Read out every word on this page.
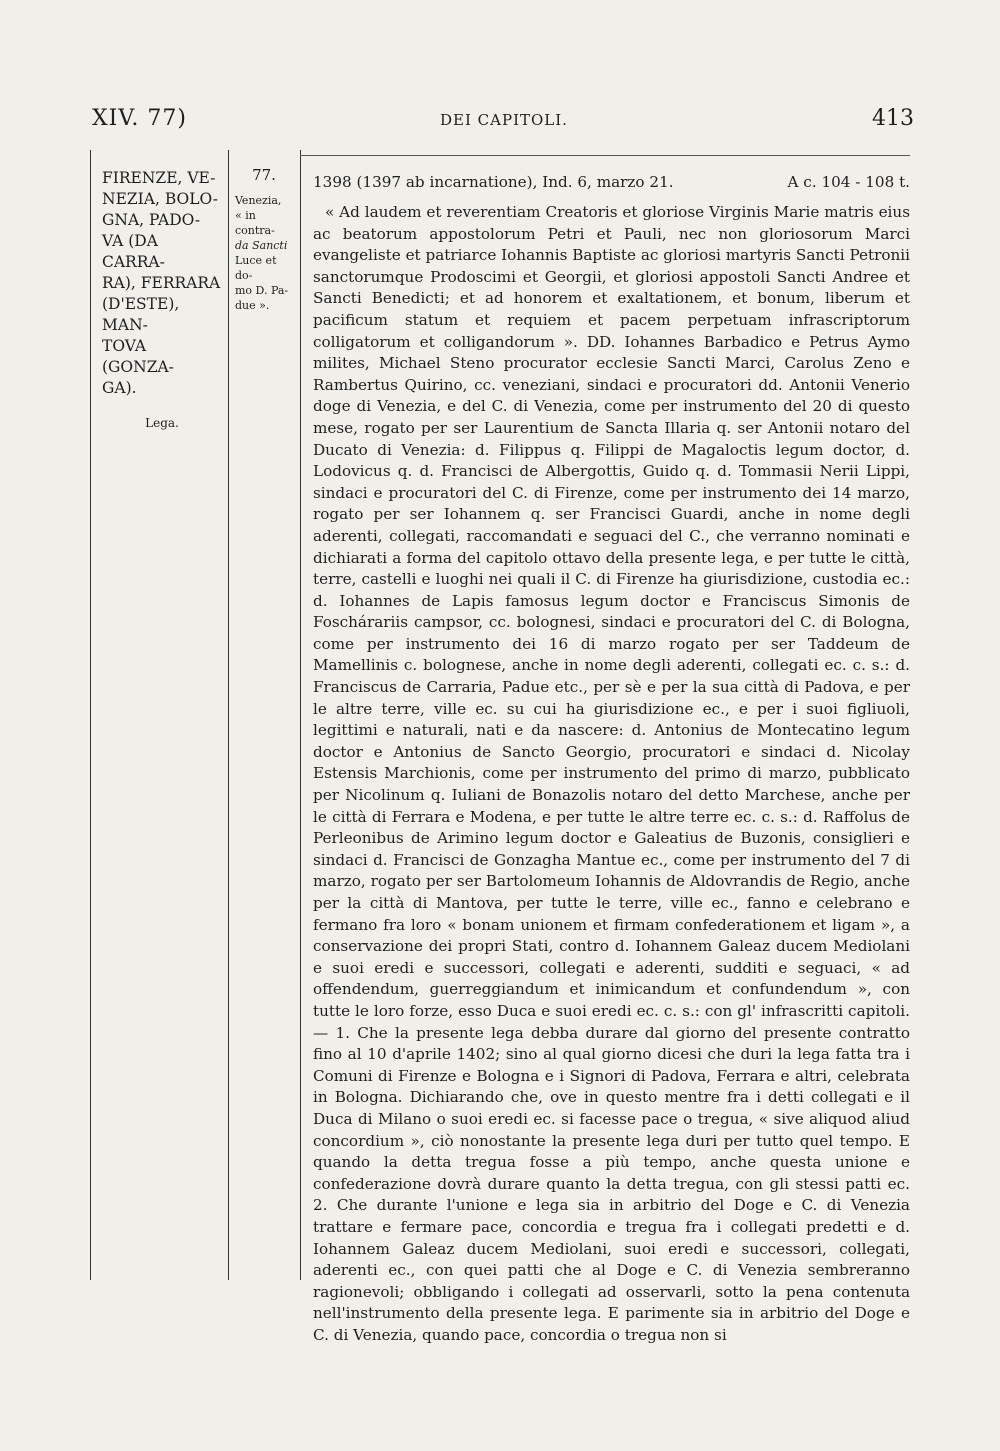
XIV. 77)	DEI CAPITOLI.	413
FIRENZE, VE-
NEZIA, BOLO-
GNA, PADO-
VA (DA CARRA-
RA), FERRARA
(D'ESTE), MAN-
TOVA (GONZA-
GA).
Lega.
77.
Venezia,
« in contra-
da Sancti
Luce et do-
mo D. Pa-
due ».
1398 (1397 ab incarnatione), Ind. 6, marzo 21.	A c. 104 - 108 t.
« Ad laudem et reverentiam Creatoris et gloriose Virginis Marie matris eius ac beatorum appostolorum Petri et Pauli, nec non gloriosorum Marci evangeliste et patriarce Iohannis Baptiste ac gloriosi martyris Sancti Petronii sanctorumque Prodoscimi et Georgii, et gloriosi appostoli Sancti Andree et Sancti Benedicti; et ad honorem et exaltationem, et bonum, liberum et pacificum statum et requiem et pacem perpetuam infrascriptorum colligatorum et colligandorum ». DD. Iohannes Barbadico e Petrus Aymo milites, Michael Steno procurator ecclesie Sancti Marci, Carolus Zeno e Rambertus Quirino, cc. veneziani, sindaci e procuratori dd. Antonii Venerio doge di Venezia, e del C. di Venezia, come per instrumento del 20 di questo mese, rogato per ser Laurentium de Sancta Illaria q. ser Antonii notaro del Ducato di Venezia: d. Filippus q. Filippi de Magaloctis legum doctor, d. Lodovicus q. d. Francisci de Albergottis, Guido q. d. Tommasii Nerii Lippi, sindaci e procuratori del C. di Firenze, come per instrumento dei 14 marzo, rogato per ser Iohannem q. ser Francisci Guardi, anche in nome degli aderenti, collegati, raccomandati e seguaci del C., che verranno nominati e dichiarati a forma del capitolo ottavo della presente lega, e per tutte le città, terre, castelli e luoghi nei quali il C. di Firenze ha giurisdizione, custodia ec.: d. Iohannes de Lapis famosus legum doctor e Franciscus Simonis de Foschárariis campsor, cc. bolognesi, sindaci e procuratori del C. di Bologna, come per instrumento dei 16 di marzo rogato per ser Taddeum de Mamellinis c. bolognese, anche in nome degli aderenti, collegati ec. c. s.: d. Franciscus de Carraria, Padue etc., per sè e per la sua città di Padova, e per le altre terre, ville ec. su cui ha giurisdizione ec., e per i suoi figliuoli, legittimi e naturali, nati e da nascere: d. Antonius de Montecatino legum doctor e Antonius de Sancto Georgio, procuratori e sindaci d. Nicolay Estensis Marchionis, come per instrumento del primo di marzo, pubblicato per Nicolinum q. Iuliani de Bonazolis notaro del detto Marchese, anche per le città di Ferrara e Modena, e per tutte le altre terre ec. c. s.: d. Raffolus de Perleonibus de Arimino legum doctor e Galeatius de Buzonis, consiglieri e sindaci d. Francisci de Gonzagha Mantue ec., come per instrumento del 7 di marzo, rogato per ser Bartolomeum Iohannis de Aldovrandis de Regio, anche per la città di Mantova, per tutte le terre, ville ec., fanno e celebrano e fermano fra loro « bonam unionem et firmam confederationem et ligam », a conservazione dei propri Stati, contro d. Iohannem Galeaz ducem Mediolani e suoi eredi e successori, collegati e aderenti, sudditi e seguaci, « ad offendendum, guerreggiandum et inimicandum et confundendum », con tutte le loro forze, esso Duca e suoi eredi ec. c. s.: con gl' infrascritti capitoli. — 1. Che la presente lega debba durare dal giorno del presente contratto fino al 10 d'aprile 1402; sino al qual giorno dicesi che duri la lega fatta tra i Comuni di Firenze e Bologna e i Signori di Padova, Ferrara e altri, celebrata in Bologna. Dichiarando che, ove in questo mentre fra i detti collegati e il Duca di Milano o suoi eredi ec. si facesse pace o tregua, « sive aliquod aliud concordium », ciò nonostante la presente lega duri per tutto quel tempo. E quando la detta tregua fosse a più tempo, anche questa unione e confederazione dovrà durare quanto la detta tregua, con gli stessi patti ec. 2. Che durante l'unione e lega sia in arbitrio del Doge e C. di Venezia trattare e fermare pace, concordia e tregua fra i collegati predetti e d. Iohannem Galeaz ducem Mediolani, suoi eredi e successori, collegati, aderenti ec., con quei patti che al Doge e C. di Venezia sembreranno ragionevoli; obbligando i collegati ad osservarli, sotto la pena contenuta nell'instrumento della presente lega. E parimente sia in arbitrio del Doge e C. di Venezia, quando pace, concordia o tregua non si
